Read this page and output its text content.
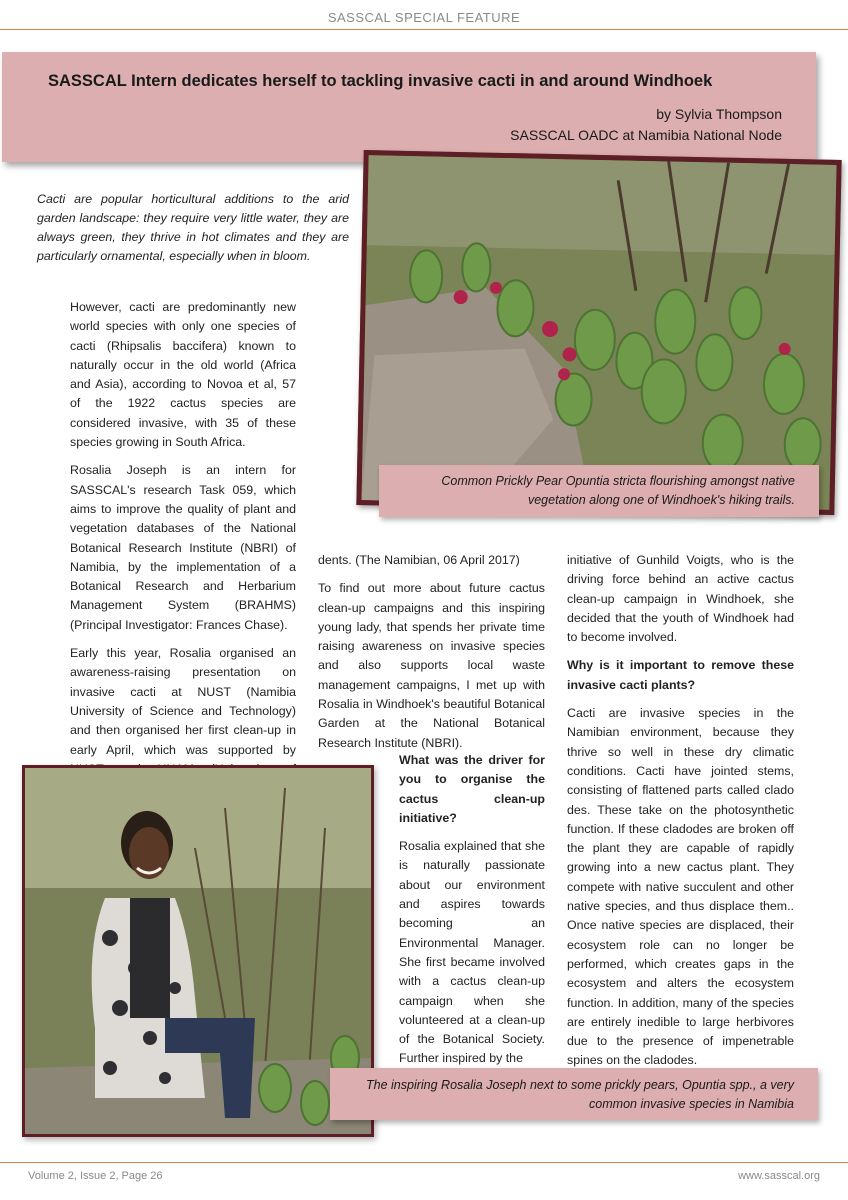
SASSCAL SPECIAL FEATURE
SASSCAL Intern dedicates herself to tackling invasive cacti in and around Windhoek
by Sylvia Thompson
SASSCAL OADC at Namibia National Node

Common Prickly Pear Opuntia stricta flourishing amongst native vegetation along one of Windhoek's hiking trails.

Cacti are popular horticultural additions to the arid garden landscape: they require very little water, they are always green, they thrive in hot climates and they are particularly ornamental, especially when in bloom.

However, cacti are predominantly new world species with only one species of cacti (Rhipsalis baccifera) known to naturally occur in the old world (Africa and Asia), according to Novoa et al, 57 of the 1922 cactus species are considered invasive, with 35 of these species growing in South Africa.

Rosalia Joseph is an intern for SASSCAL's research Task 059, which aims to improve the quality of plant and vegetation databases of the National Botanical Research Institute (NBRI) of Namibia, by the implementation of a Botanical Research and Herbarium Management System (BRAHMS) (Principal Investigator: Frances Chase).

Early this year, Rosalia organised an awareness-raising presentation on invasive cacti at NUST (Namibia University of Science and Technology) and then organised her first clean-up in early April, which was supported by

dents. (The Namibian, 06 April 2017)

To find out more about future cactus clean-up campaigns and this inspiring young lady, that spends her private time raising awareness on invasive species and also supports local waste management campaigns, I met up with Rosalia in Windhoek's beautiful Botanical Garden at the National Botanical Research Institute (NBRI).

What was the driver for you to organise the cactus clean-up initiative?

Rosalia explained that she is naturally passionate about our environment and aspires towards becoming an Environmental Manager. She first became involved with a cactus clean-up campaign when she volunteered at a clean-up of the Botanical Society. Further inspired by the

initiative of Gunhild Voigts, who is the driving force behind an active cactus clean-up campaign in Windhoek, she decided that the youth of Windhoek had to become involved.

Why is it important to remove these invasive cacti plants?

Cacti are invasive species in the Namibian environment, because they thrive so well in these dry climatic conditions. Cacti have jointed stems, consisting of flattened parts called clado des. These take on the photosynthetic function. If these cladodes are broken off the plant they are capable of rapidly growing into a new cactus plant. They compete with native succulent and other native species, and thus displace them.. Once native species are displaced, their ecosystem role can no longer be performed, which creates gaps in the ecosystem and alters the ecosystem function. In addition, many of the species are entirely inedible to large herbivores due to the presence of impenetrable spines on the cladodes.

The inspiring Rosalia Joseph next to some prickly pears, Opuntia spp., a very common invasive species in Namibia

Volume 2, Issue 2, Page 26	www.sasscal.org
